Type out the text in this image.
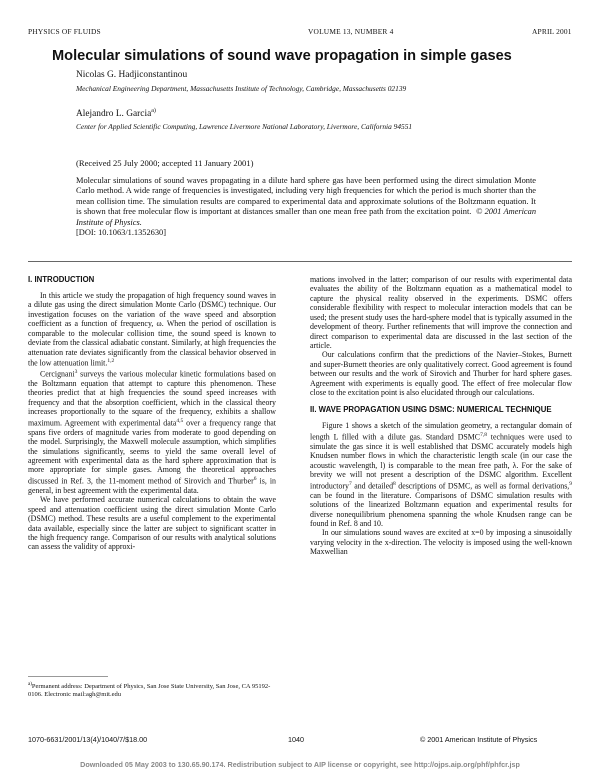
PHYSICS OF FLUIDS	VOLUME 13, NUMBER 4	APRIL 2001
Molecular simulations of sound wave propagation in simple gases
Nicolas G. Hadjiconstantinou
Mechanical Engineering Department, Massachusetts Institute of Technology, Cambridge, Massachusetts 02139
Alejandro L. Garcia$^{a)}$
Center for Applied Scientific Computing, Lawrence Livermore National Laboratory, Livermore, California 94551
(Received 25 July 2000; accepted 11 January 2001)
Molecular simulations of sound waves propagating in a dilute hard sphere gas have been performed using the direct simulation Monte Carlo method. A wide range of frequencies is investigated, including very high frequencies for which the period is much shorter than the mean collision time. The simulation results are compared to experimental data and approximate solutions of the Boltzmann equation. It is shown that free molecular flow is important at distances smaller than one mean free path from the excitation point. © 2001 American Institute of Physics.
[DOI: 10.1063/1.1352630]
I. INTRODUCTION

In this article we study the propagation of high frequency sound waves in a dilute gas using the direct simulation Monte Carlo (DSMC) technique. Our investigation focuses on the variation of the wave speed and absorption coefficient as a function of frequency, ω. When the period of oscillation is comparable to the molecular collision time, the sound speed is known to deviate from the classical adiabatic constant. Similarly, at high frequencies the attenuation rate deviates significantly from the classical behavior observed in the low attenuation limit.$^{1,2}$

Cercignani$^3$ surveys the various molecular kinetic formulations based on the Boltzmann equation that attempt to capture this phenomenon. These theories predict that at high frequencies the sound speed increases with frequency and that the absorption coefficient, which in the classical theory increases proportionally to the square of the frequency, exhibits a shallow maximum. Agreement with experimental data$^{4,5}$ over a frequency range that spans five orders of magnitude varies from moderate to good depending on the model. Surprisingly, the Maxwell molecule assumption, which simplifies the simulations significantly, seems to yield the same overall level of agreement with experimental data as the hard sphere approximation that is more appropriate for simple gases. Among the theoretical approaches discussed in Ref. 3, the 11-moment method of Sirovich and Thurber$^6$ is, in general, in best agreement with the experimental data.

We have performed accurate numerical calculations to obtain the wave speed and attenuation coefficient using the direct simulation Monte Carlo (DSMC) method. These results are a useful complement to the experimental data available, especially since the latter are subject to significant scatter in the high frequency range. Comparison of our results with analytical solutions can assess the validity of approxi-

$^{a)}$Permanent address: Department of Physics, San Jose State University, San Jose, CA 95192-0106. Electronic mail:agh@mit.edu

mations involved in the latter; comparison of our results with experimental data evaluates the ability of the Boltzmann equation as a mathematical model to capture the physical reality observed in the experiments. DSMC offers considerable flexibility with respect to molecular interaction models that can be used; the present study uses the hard-sphere model that is typically assumed in the development of theory. Further refinements that will improve the connection and direct comparison to experimental data are discussed in the last section of the article.

Our calculations confirm that the predictions of the Navier–Stokes, Burnett and super-Burnett theories are only qualitatively correct. Good agreement is found between our results and the work of Sirovich and Thurber for hard sphere gases. Agreement with experiments is equally good. The effect of free molecular flow close to the excitation point is also elucidated through our calculations.

II. WAVE PROPAGATION USING DSMC: NUMERICAL TECHNIQUE

Figure 1 shows a sketch of the simulation geometry, a rectangular domain of length L filled with a dilute gas. Standard DSMC$^{7,8}$ techniques were used to simulate the gas since it is well established that DSMC accurately models high Knudsen number flows in which the characteristic length scale (in our case the acoustic wavelength, l) is comparable to the mean free path, λ. For the sake of brevity we will not present a description of the DSMC algorithm. Excellent introductory$^7$ and detailed$^8$ descriptions of DSMC, as well as formal derivations,$^9$ can be found in the literature. Comparisons of DSMC simulation results with solutions of the linearized Boltzmann equation and experimental results for diverse nonequilibrium phenomena spanning the whole Knudsen range can be found in Ref. 8 and 10.

In our simulations sound waves are excited at x=0 by imposing a sinusoidally varying velocity in the x-direction. The velocity is imposed using the well-known Maxwellian

1070-6631/2001/13(4)/1040/7/$18.00	1040	© 2001 American Institute of Physics
Downloaded 05 May 2003 to 130.65.90.174. Redistribution subject to AIP license or copyright, see http://ojps.aip.org/phf/phfcr.jsp
